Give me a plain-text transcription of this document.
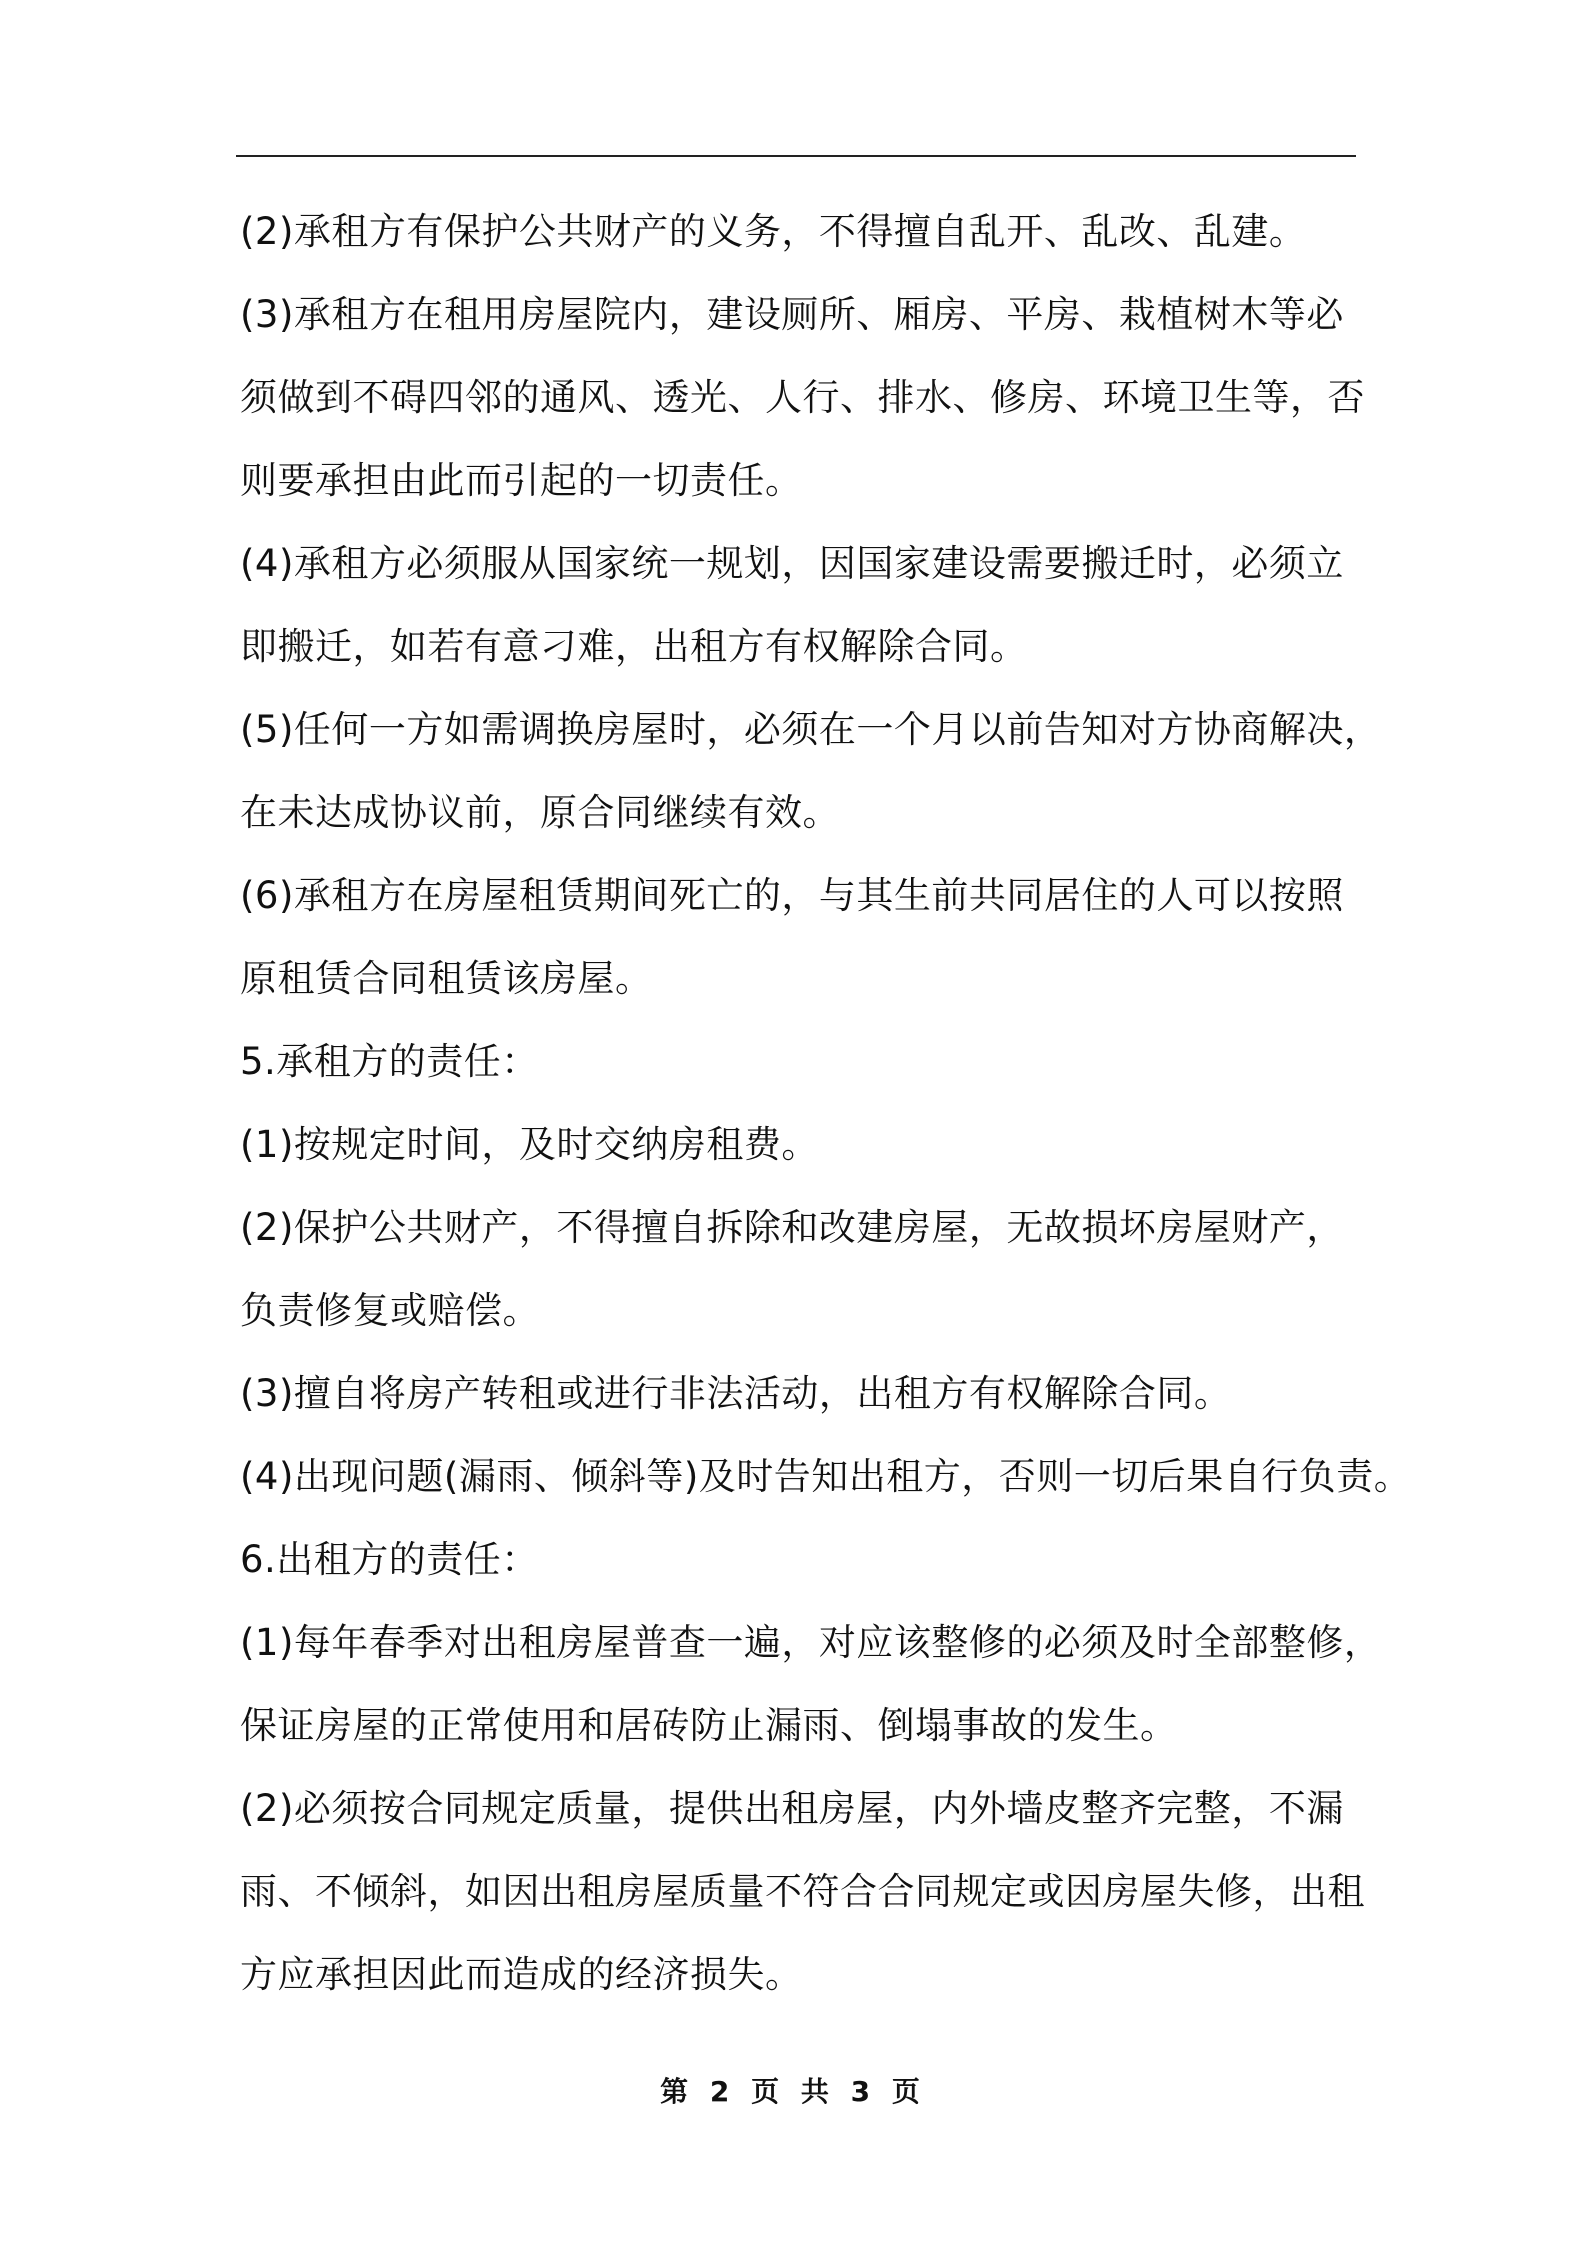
(2)承租方有保护公共财产的义务，不得擅自乱开、乱改、乱建。

(3)承租方在租用房屋院内，建设厕所、厢房、平房、栽植树木等必

须做到不碍四邻的通风、透光、人行、排水、修房、环境卫生等，否

则要承担由此而引起的一切责任。

(4)承租方必须服从国家统一规划，因国家建设需要搬迁时，必须立

即搬迁，如若有意刁难，出租方有权解除合同。

(5)任何一方如需调换房屋时，必须在一个月以前告知对方协商解决，

在未达成协议前，原合同继续有效。

(6)承租方在房屋租赁期间死亡的，与其生前共同居住的人可以按照

原租赁合同租赁该房屋。

5.承租方的责任：

(1)按规定时间，及时交纳房租费。

(2)保护公共财产，不得擅自拆除和改建房屋，无故损坏房屋财产，

负责修复或赔偿。

(3)擅自将房产转租或进行非法活动，出租方有权解除合同。

(4)出现问题(漏雨、倾斜等)及时告知出租方，否则一切后果自行负责。

6.出租方的责任：

(1)每年春季对出租房屋普查一遍，对应该整修的必须及时全部整修，

保证房屋的正常使用和居砖防止漏雨、倒塌事故的发生。

(2)必须按合同规定质量，提供出租房屋，内外墙皮整齐完整，不漏

雨、不倾斜，如因出租房屋质量不符合合同规定或因房屋失修，出租

方应承担因此而造成的经济损失。

第 2 页 共 3 页
